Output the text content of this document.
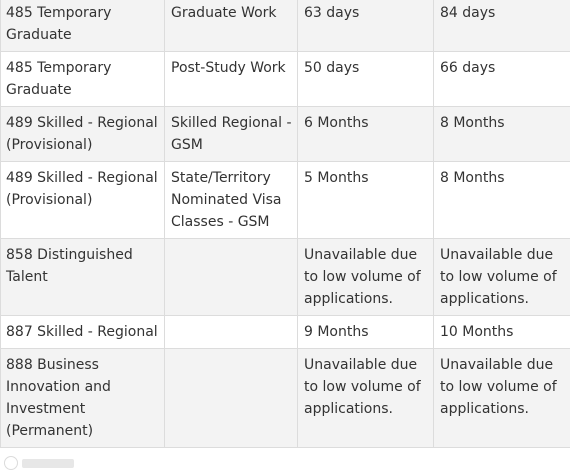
485 Temporary Graduate	Graduate Work	63 days	84 days
485 Temporary Graduate	Post-Study Work	50 days	66 days
489 Skilled - Regional (Provisional)	Skilled Regional - GSM	6 Months	8 Months
489 Skilled - Regional (Provisional)	State/Territory Nominated Visa Classes - GSM	5 Months	8 Months
858 Distinguished Talent		Unavailable due to low volume of applications.	Unavailable due to low volume of applications.
887 Skilled - Regional		9 Months	10 Months
888 Business Innovation and Investment (Permanent)		Unavailable due to low volume of applications.	Unavailable due to low volume of applications.
